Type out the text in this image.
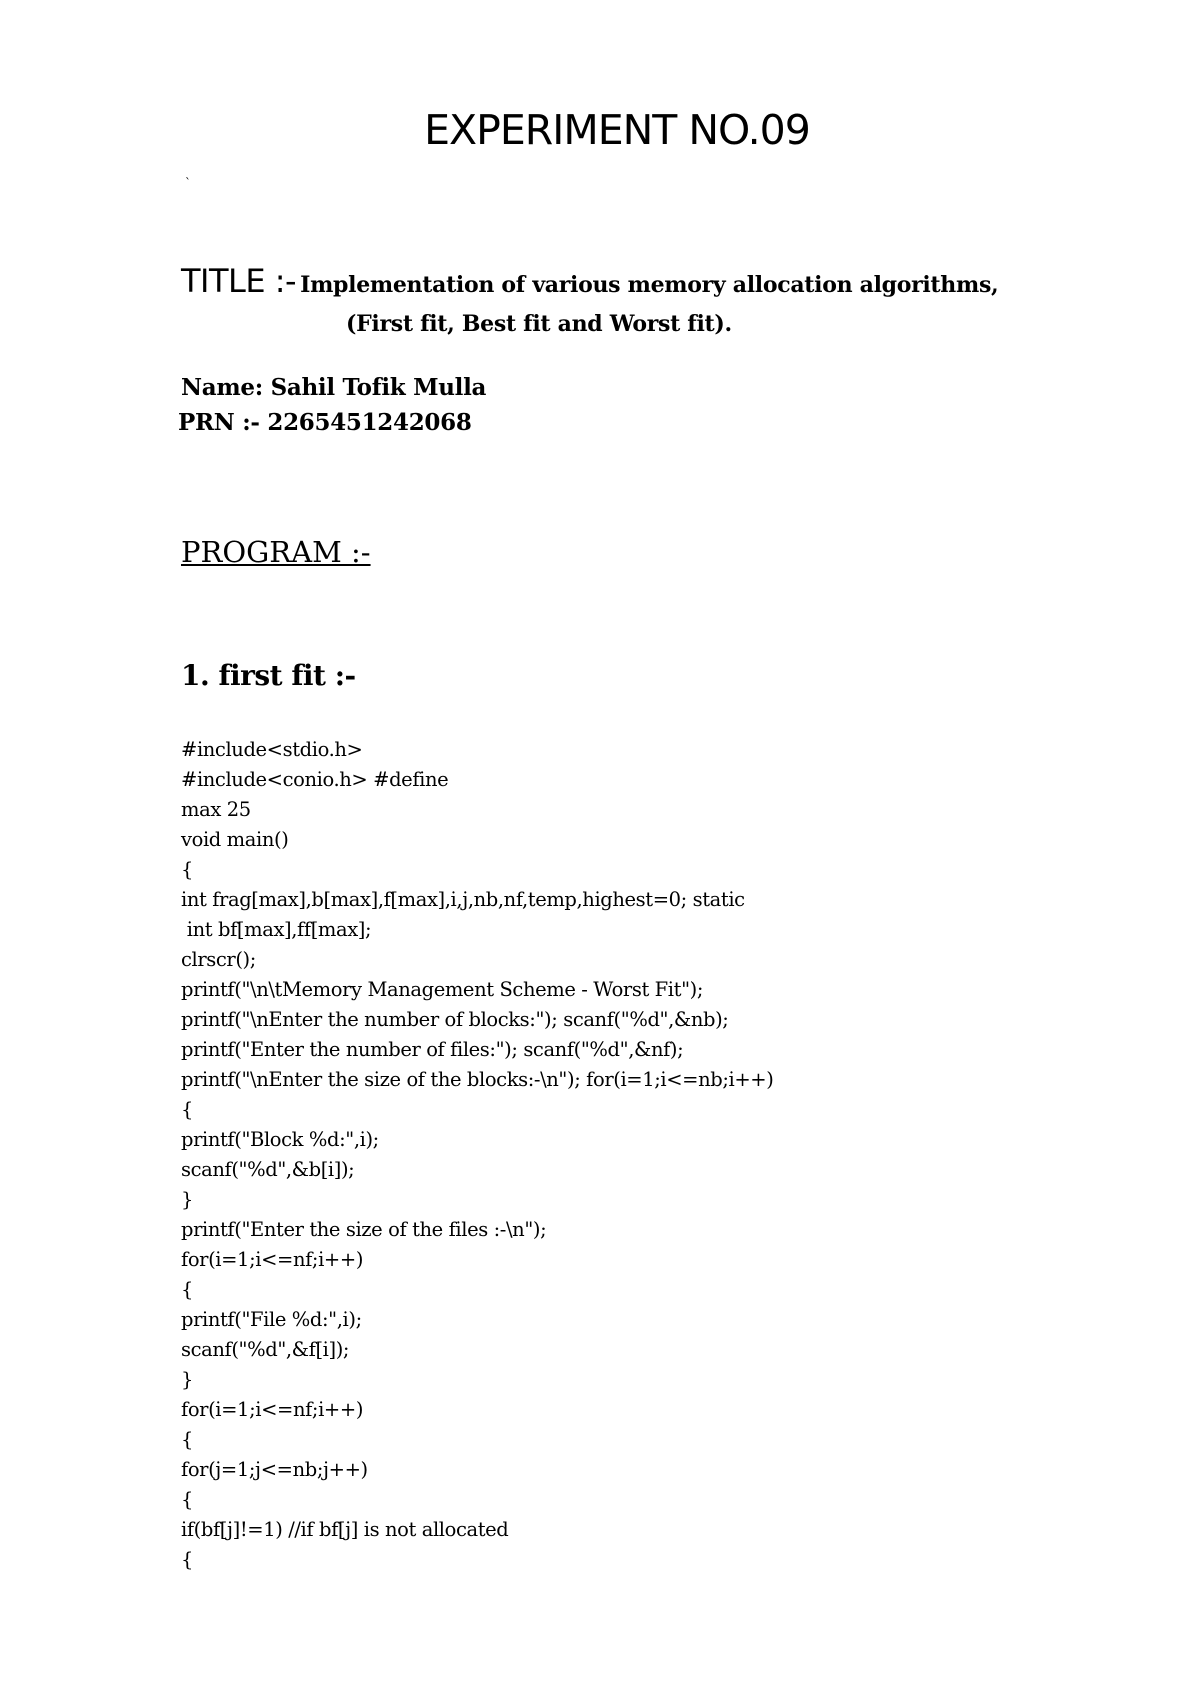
EXPERIMENT NO.09
`
TITLE :- Implementation of various memory allocation algorithms,
(First fit, Best fit and Worst fit).
Name: Sahil Tofik Mulla
PRN :- 2265451242068
PROGRAM :-
1. first fit :-
#include<stdio.h>
#include<conio.h> #define
max 25
void main()
{
int frag[max],b[max],f[max],i,j,nb,nf,temp,highest=0; static
int bf[max],ff[max];
clrscr();
printf("\n\tMemory Management Scheme - Worst Fit");
printf("\nEnter the number of blocks:"); scanf("%d",&nb);
printf("Enter the number of files:"); scanf("%d",&nf);
printf("\nEnter the size of the blocks:-\n"); for(i=1;i<=nb;i++)
{
printf("Block %d:",i);
scanf("%d",&b[i]);
}
printf("Enter the size of the files :-\n");
for(i=1;i<=nf;i++)
{
printf("File %d:",i);
scanf("%d",&f[i]);
}
for(i=1;i<=nf;i++)
{
for(j=1;j<=nb;j++)
{
if(bf[j]!=1) //if bf[j] is not allocated
{
